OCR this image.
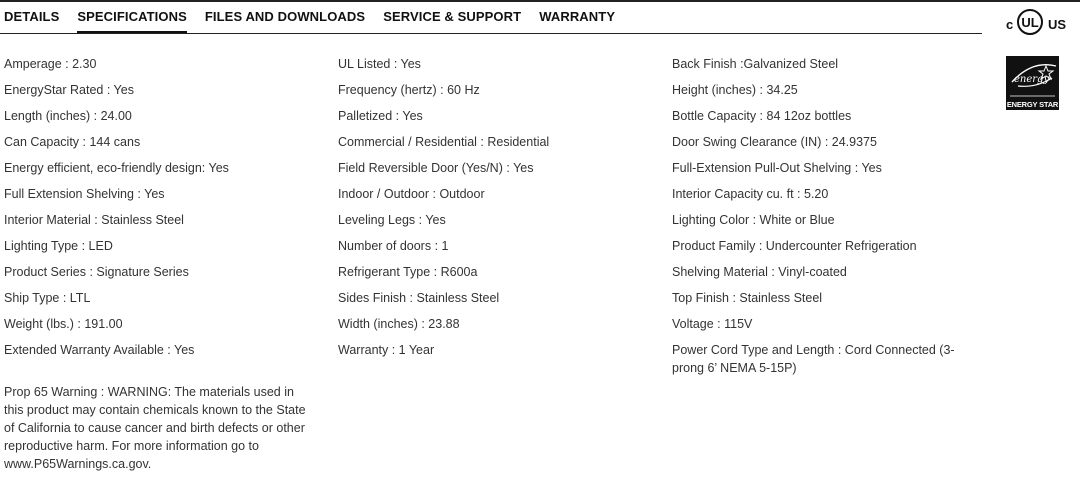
DETAILS SPECIFICATIONS FILES AND DOWNLOADS SERVICE & SUPPORT WARRANTY
Amperage : 2.30
EnergyStar Rated : Yes
Length (inches) : 24.00
Can Capacity : 144 cans
Energy efficient, eco-friendly design: Yes
Full Extension Shelving : Yes
Interior Material : Stainless Steel
Lighting Type : LED
Product Series : Signature Series
Ship Type : LTL
Weight (lbs.) : 191.00
Extended Warranty Available : Yes
UL Listed : Yes
Frequency (hertz) : 60 Hz
Palletized : Yes
Commercial / Residential : Residential
Field Reversible Door (Yes/N) : Yes
Indoor / Outdoor : Outdoor
Leveling Legs : Yes
Number of doors : 1
Refrigerant Type : R600a
Sides Finish : Stainless Steel
Width (inches) : 23.88
Warranty : 1 Year
Back Finish :Galvanized Steel
Height (inches) : 34.25
Bottle Capacity : 84 12oz bottles
Door Swing Clearance (IN) : 24.9375
Full-Extension Pull-Out Shelving : Yes
Interior Capacity cu. ft : 5.20
Lighting Color : White or Blue
Product Family : Undercounter Refrigeration
Shelving Material : Vinyl-coated
Top Finish : Stainless Steel
Voltage : 115V
Power Cord Type and Length : Cord Connected (3-prong 6’ NEMA 5-15P)
Prop 65 Warning : WARNING: The materials used in this product may contain chemicals known to the State of California to cause cancer and birth defects or other reproductive harm. For more information go to www.P65Warnings.ca.gov.
c UL US
energy
ENERGY STAR
